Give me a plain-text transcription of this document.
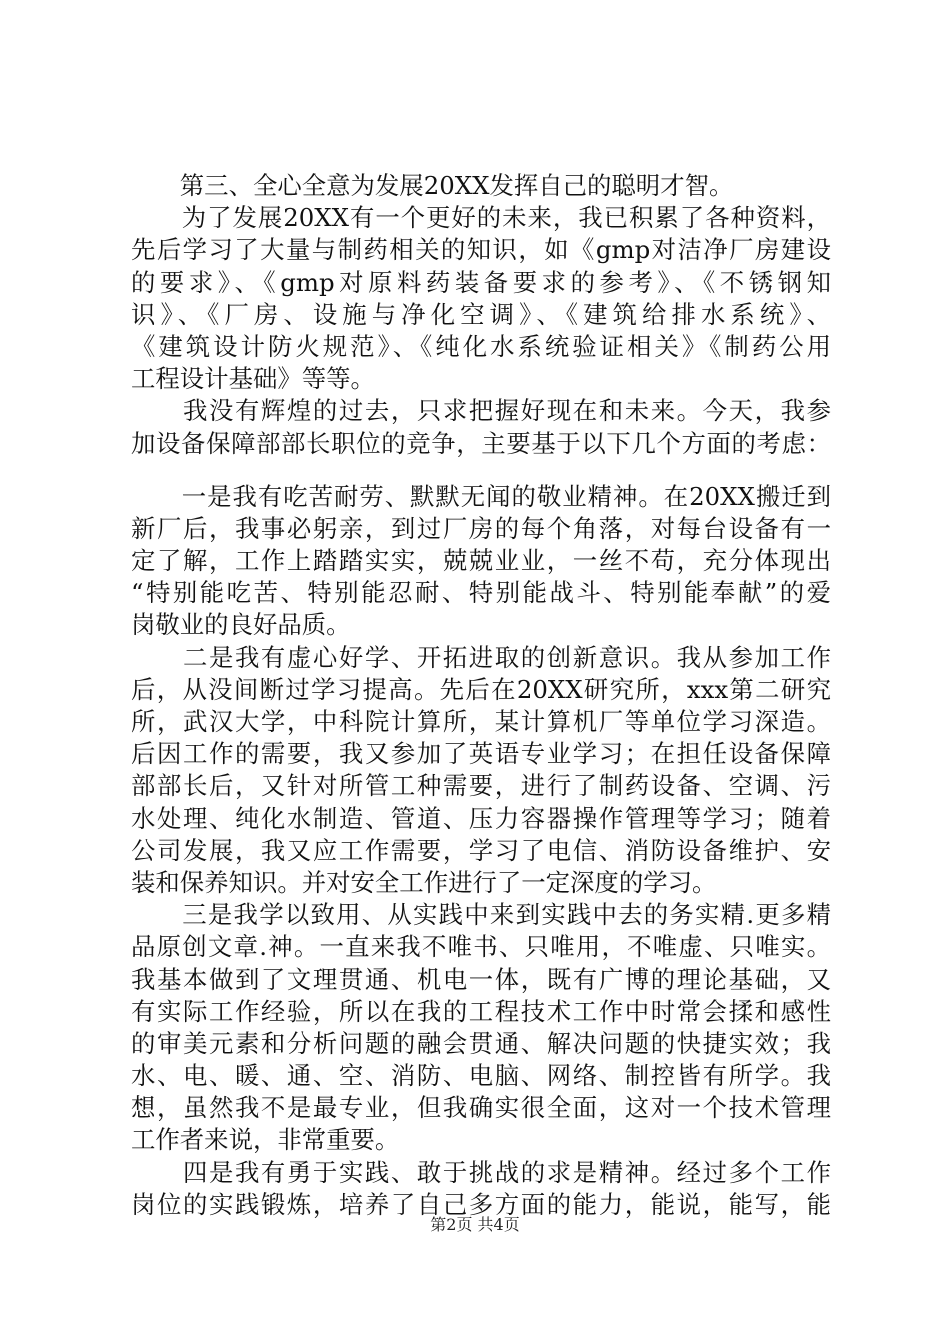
　　第三、全心全意为发展20XX发挥自己的聪明才智。
　　为了发展20XX有一个更好的未来，我已积累了各种资料，
先后学习了大量与制药相关的知识，如《gmp对洁净厂房建设
的要求》、《gmp对原料药装备要求的参考》、《不锈钢知
识》、《厂房、设施与净化空调》、《建筑给排水系统》、
《建筑设计防火规范》、《纯化水系统验证相关》《制药公用
工程设计基础》等等。
　　我没有辉煌的过去，只求把握好现在和未来。今天，我参
加设备保障部部长职位的竞争，主要基于以下几个方面的考虑：
　　一是我有吃苦耐劳、默默无闻的敬业精神。在20XX搬迁到
新厂后，我事必躬亲，到过厂房的每个角落，对每台设备有一
定了解，工作上踏踏实实，兢兢业业，一丝不苟，充分体现出
“特别能吃苦、特别能忍耐、特别能战斗、特别能奉献”的爱
岗敬业的良好品质。
　　二是我有虚心好学、开拓进取的创新意识。我从参加工作
后，从没间断过学习提高。先后在20XX研究所，xxx第二研究
所，武汉大学，中科院计算所，某计算机厂等单位学习深造。
后因工作的需要，我又参加了英语专业学习；在担任设备保障
部部长后，又针对所管工种需要，进行了制药设备、空调、污
水处理、纯化水制造、管道、压力容器操作管理等学习；随着
公司发展，我又应工作需要，学习了电信、消防设备维护、安
装和保养知识。并对安全工作进行了一定深度的学习。
　　三是我学以致用、从实践中来到实践中去的务实精.更多精
品原创文章.神。一直来我不唯书、只唯用，不唯虚、只唯实。
我基本做到了文理贯通、机电一体，既有广博的理论基础，又
有实际工作经验，所以在我的工程技术工作中时常会揉和感性
的审美元素和分析问题的融会贯通、解决问题的快捷实效；我
水、电、暖、通、空、消防、电脑、网络、制控皆有所学。我
想，虽然我不是最专业，但我确实很全面，这对一个技术管理
工作者来说，非常重要。
　　四是我有勇于实践、敢于挑战的求是精神。经过多个工作
岗位的实践锻炼，培养了自己多方面的能力，能说，能写，能
第2页 共4页
